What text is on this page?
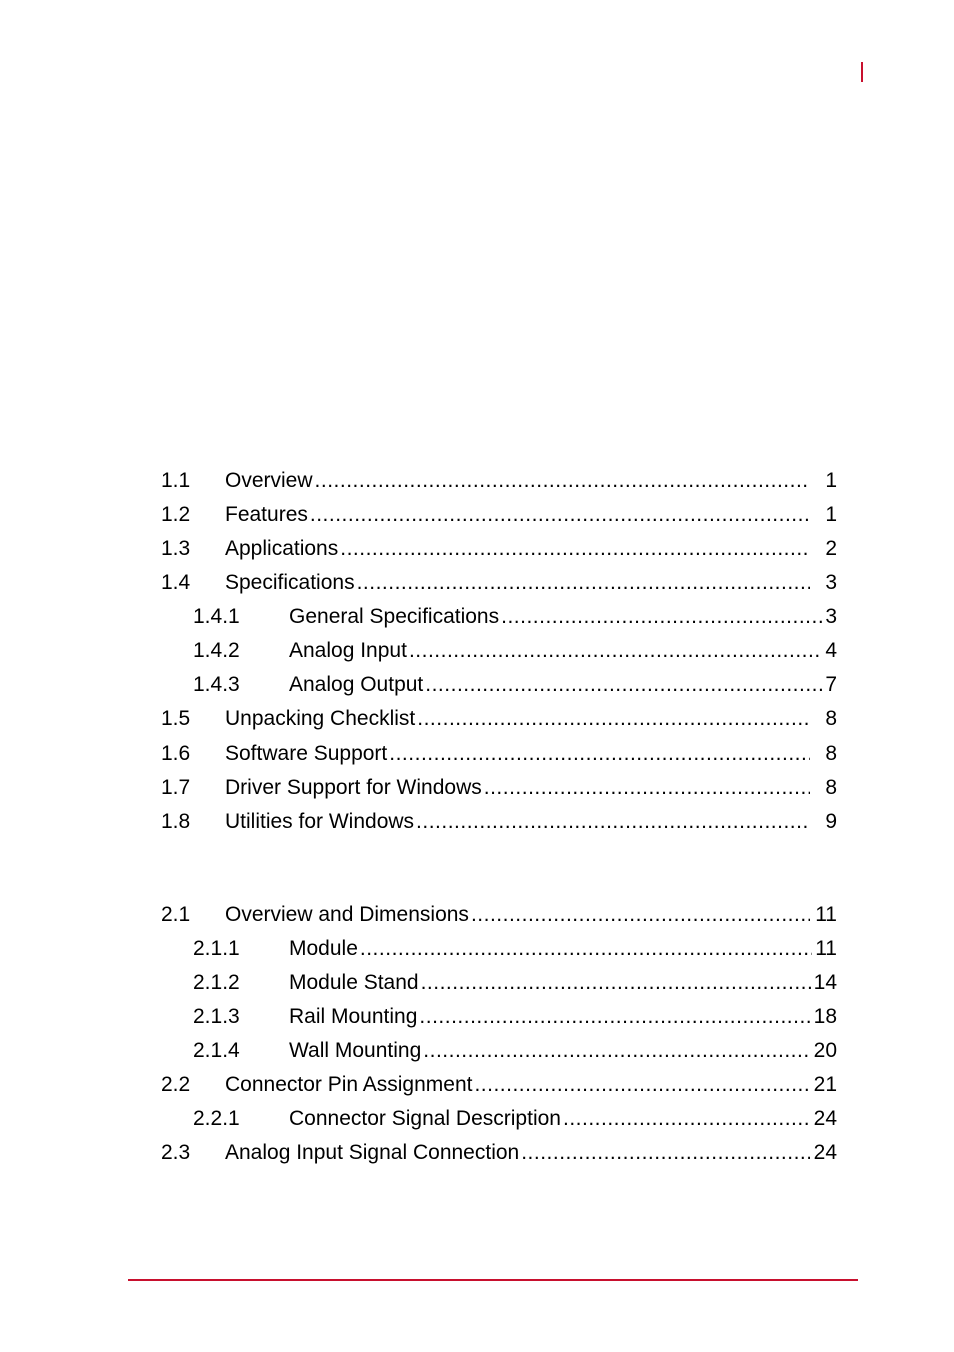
1.1	Overview .....	1
1.2	Features .....	1
1.3	Applications .....	2
1.4	Specifications .....	3
1.4.1	General Specifications .....	3
1.4.2	Analog Input .....	4
1.4.3	Analog Output .....	7
1.5	Unpacking Checklist .....	8
1.6	Software Support .....	8
1.7	Driver Support for Windows .....	8
1.8	Utilities for Windows .....	9
2.1	Overview and Dimensions .....	11
2.1.1	Module .....	11
2.1.2	Module Stand .....	14
2.1.3	Rail Mounting .....	18
2.1.4	Wall Mounting .....	20
2.2	Connector Pin Assignment .....	21
2.2.1	Connector Signal Description .....	24
2.3	Analog Input Signal Connection .....	24
